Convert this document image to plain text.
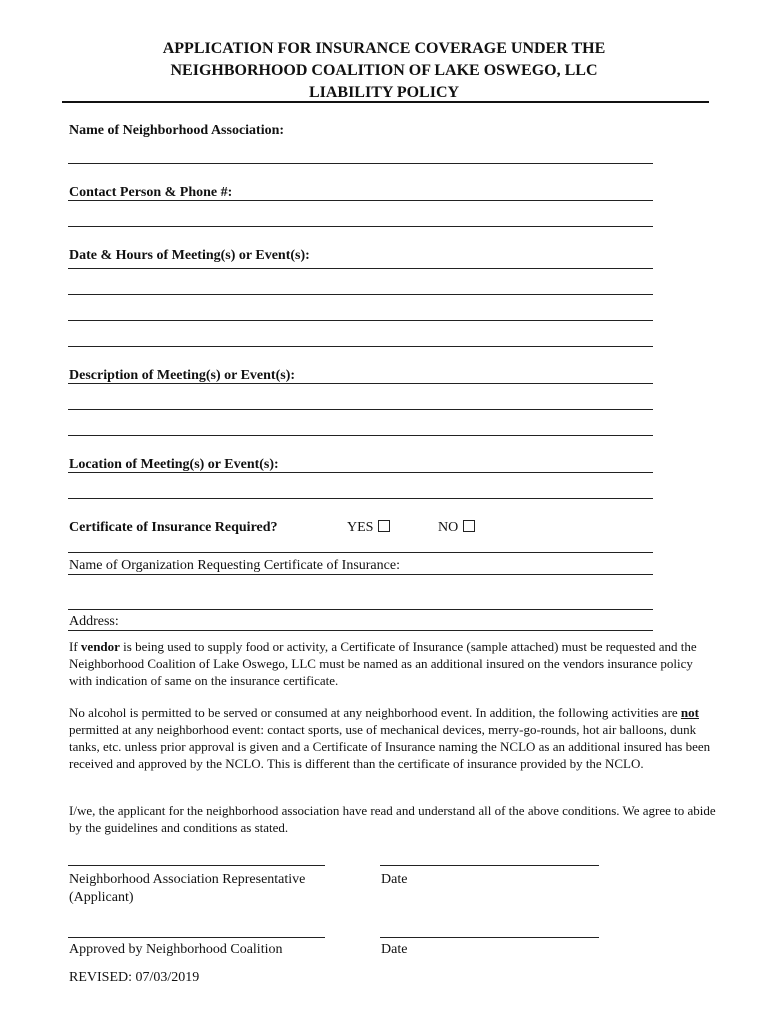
APPLICATION FOR INSURANCE COVERAGE UNDER THE
NEIGHBORHOOD COALITION OF LAKE OSWEGO, LLC
LIABILITY POLICY
Name of Neighborhood Association:
Contact Person & Phone #:
Date & Hours of Meeting(s) or Event(s):
Description of Meeting(s) or Event(s):
Location of Meeting(s) or Event(s):
Certificate of Insurance Required?	YES	NO
Name of Organization Requesting Certificate of Insurance:
Address:

If vendor is being used to supply food or activity, a Certificate of Insurance (sample attached) must be requested and the Neighborhood Coalition of Lake Oswego, LLC must be named as an additional insured on the vendors insurance policy with indication of same on the insurance certificate.

No alcohol is permitted to be served or consumed at any neighborhood event. In addition, the following activities are not permitted at any neighborhood event: contact sports, use of mechanical devices, merry-go-rounds, hot air balloons, dunk tanks, etc. unless prior approval is given and a Certificate of Insurance naming the NCLO as an additional insured has been received and approved by the NCLO. This is different than the certificate of insurance provided by the NCLO.

I/we, the applicant for the neighborhood association have read and understand all of the above conditions. We agree to abide by the guidelines and conditions as stated.

Neighborhood Association Representative
(Applicant)
Date
Approved by Neighborhood Coalition	Date
REVISED: 07/03/2019
